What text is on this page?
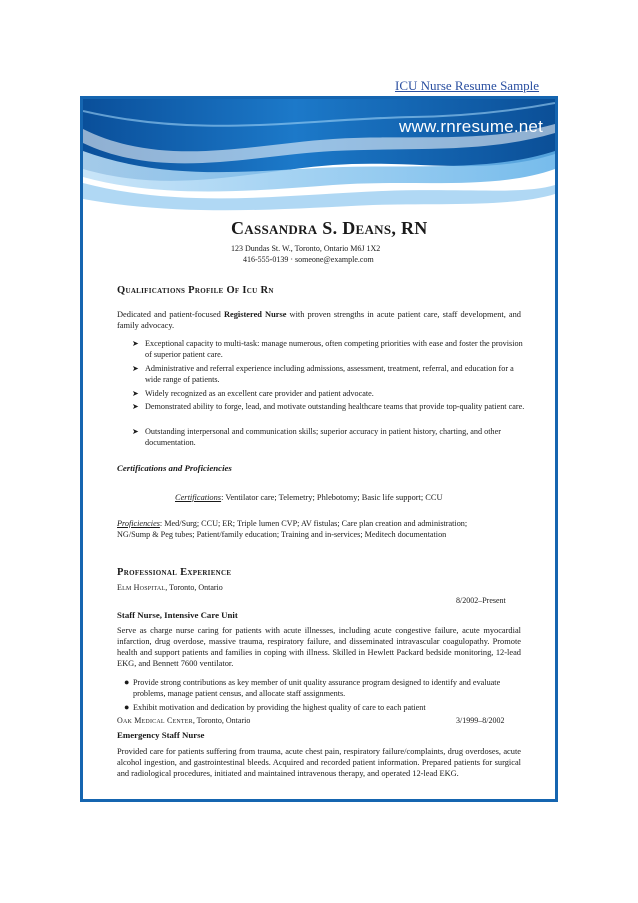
ICU Nurse Resume Sample
www.rnresume.net
Cassandra S. Deans, RN
123 Dundas St. W., Toronto, Ontario M6J 1X2
416-555-0139 · someone@example.com
Qualifications Profile Of Icu Rn
Dedicated and patient-focused Registered Nurse with proven strengths in acute patient care, staff development, and family advocacy.
➤ Exceptional capacity to multi-task: manage numerous, often competing priorities with ease and foster the provision of superior patient care.
➤ Administrative and referral experience including admissions, assessment, treatment, referral, and education for a wide range of patients.
➤ Widely recognized as an excellent care provider and patient advocate.
➤ Demonstrated ability to forge, lead, and motivate outstanding healthcare teams that provide top-quality patient care.
➤ Outstanding interpersonal and communication skills; superior accuracy in patient history, charting, and other documentation.
Certifications and Proficiencies
Certifications: Ventilator care; Telemetry; Phlebotomy; Basic life support; CCU
Proficiencies: Med/Surg; CCU; ER; Triple lumen CVP; AV fistulas; Care plan creation and administration; NG/Sump & Peg tubes; Patient/family education; Training and in-services; Meditech documentation
Professional Experience
Elm Hospital, Toronto, Ontario
8/2002–Present
Staff Nurse, Intensive Care Unit
Serve as charge nurse caring for patients with acute illnesses, including acute congestive failure, acute myocardial infarction, drug overdose, massive trauma, respiratory failure, and disseminated intravascular coagulopathy. Promote health and support patients and families in coping with illness. Skilled in Hewlett Packard bedside monitoring, 12-lead EKG, and Bennett 7600 ventilator.
● Provide strong contributions as key member of unit quality assurance program designed to identify and evaluate problems, manage patient census, and allocate staff assignments.
● Exhibit motivation and dedication by providing the highest quality of care to each patient
Oak Medical Center, Toronto, Ontario	3/1999–8/2002
Emergency Staff Nurse
Provided care for patients suffering from trauma, acute chest pain, respiratory failure/complaints, drug overdoses, acute alcohol ingestion, and gastrointestinal bleeds. Acquired and recorded patient information. Prepared patients for surgical and radiological procedures, initiated and maintained intravenous therapy, and operated 12-lead EKG.
